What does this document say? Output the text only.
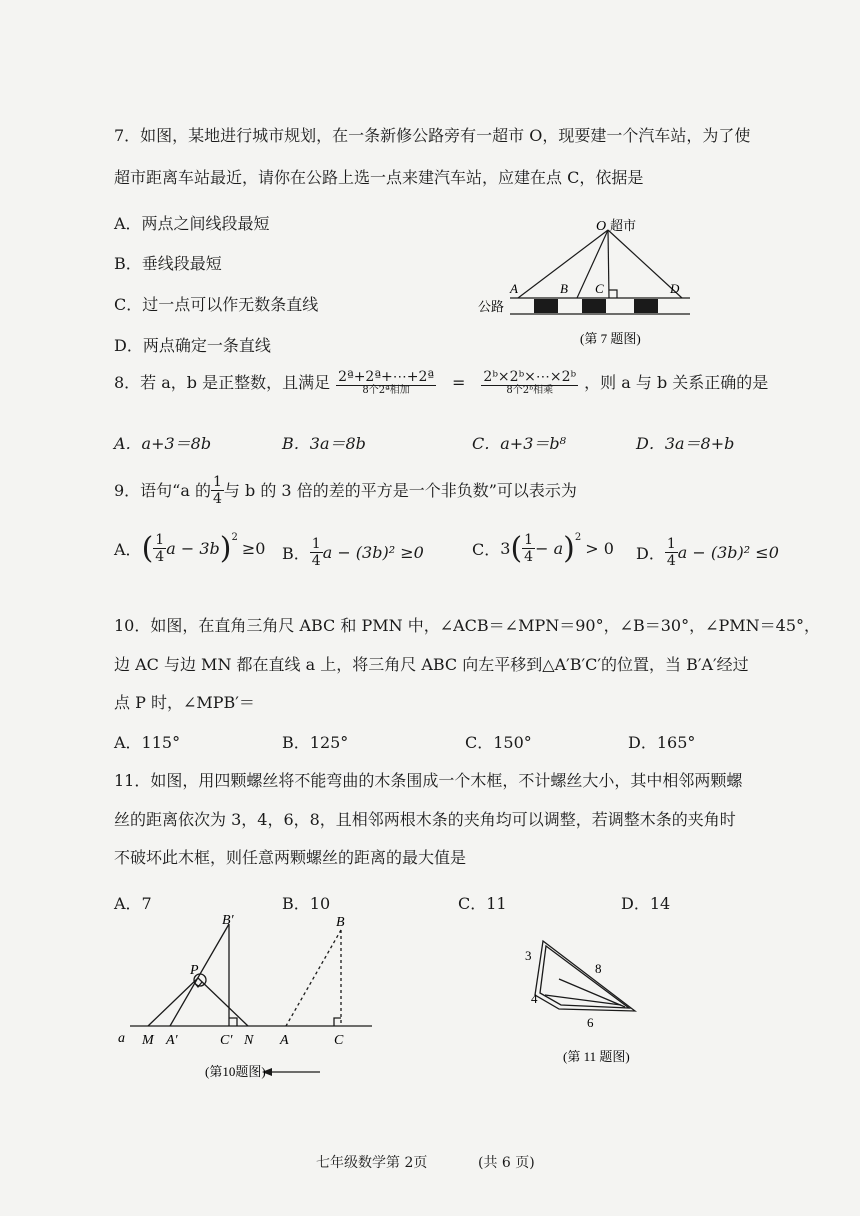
7．如图，某地进行城市规划，在一条新修公路旁有一超市 O，现要建一个汽车站，为了使
超市距离车站最近，请你在公路上选一点来建汽车站，应建在点 C，依据是
A．两点之间线段最短
B．垂线段最短
C．过一点可以作无数条直线
D．两点确定一条直线
O 超市
A	B C	D
公路
(第 7 题图)
8．若 a，b 是正整数，且满足 2ª+2ª+⋯+2ª
8个2ª相加	=	2ᵇ×2ᵇ×⋯×2ᵇ
8个2ᵇ相乘	，则 a 与 b 关系正确的是
A．a+3＝8b	B．3a＝8b	C．a+3＝b⁸	D．3a＝8+b
9．语句“a 的 $\frac{1}{4}$ 与 b 的 3 倍的差的平方是一个非负数”可以表示为
A． ( $\frac{1}{4}$ a − 3b )$^2$
≥0 B． $\frac{1}{4}$ a − (3b)² ≥0	C． 3 ( $\frac{1}{4} - a$ )$^2$
> 0 D． $\frac{1}{4}$ a − (3b)² ≤0
10．如图，在直角三角尺 ABC 和 PMN 中，∠ACB＝∠MPN＝90°，∠B＝30°，∠PMN＝45°，
边 AC 与边 MN 都在直线 a 上，将三角尺 ABC 向左平移到△A′B′C′的位置，当 B′A′经过
点 P 时，∠MPB′＝
A．115°	B．125°	C．150°	D．165°
11．如图，用四颗螺丝将不能弯曲的木条围成一个木框，不计螺丝大小，其中相邻两颗螺
丝的距离依次为 3，4，6，8，且相邻两根木条的夹角均可以调整，若调整木条的夹角时
不破坏此木框，则任意两颗螺丝的距离的最大值是
A．7	B．10	C．11	D．14
B′	B
P
a M A′	C′ N A	C
(第10题图)
3
8
4
6
(第 11 题图)
七年级数学第 2页	(共 6 页)
